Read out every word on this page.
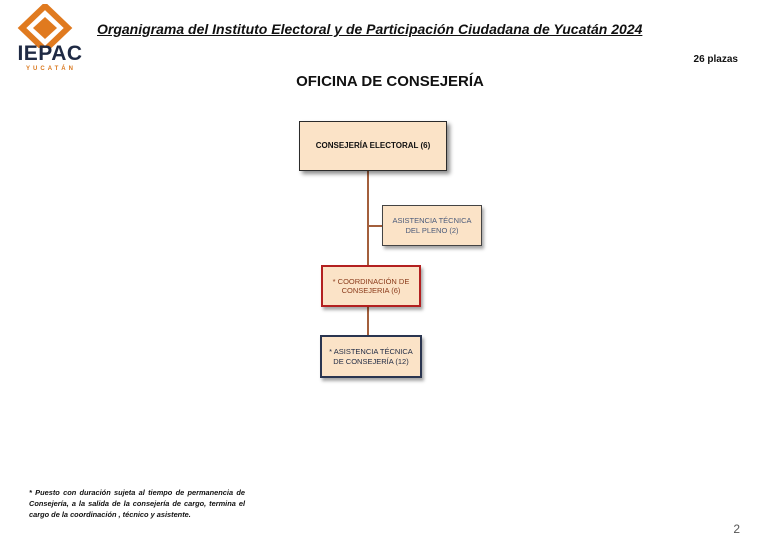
IEPAC
YUCATÁN
Organigrama del Instituto Electoral y de Participación Ciudadana de Yucatán 2024
26 plazas
OFICINA DE CONSEJERÍA
CONSEJERÍA ELECTORAL (6)
ASISTENCIA TÉCNICA DEL PLENO (2)
* COORDINACIÓN DE CONSEJERIA (6)
* ASISTENCIA TÉCNICA DE CONSEJERÍA (12)
* Puesto con duración sujeta al tiempo de permanencia de Consejería, a la salida de la consejería de cargo, termina el cargo de la coordinación , técnico y asistente.
2
